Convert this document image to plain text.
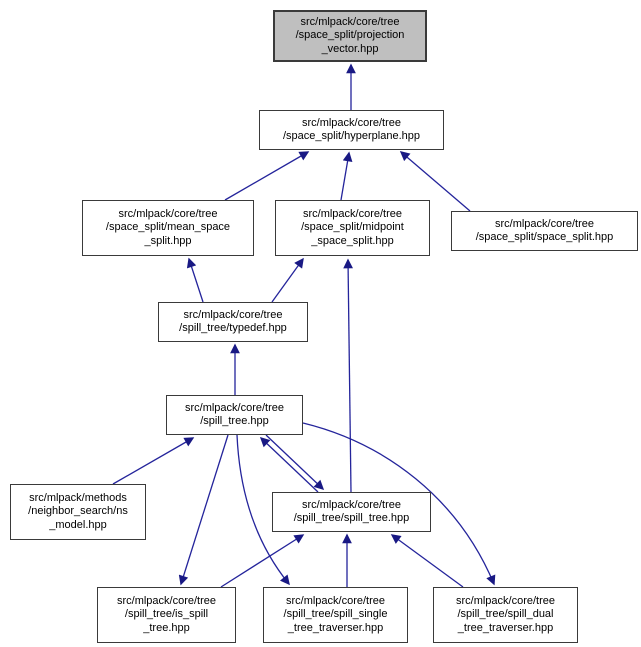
src/mlpack/core/tree
/space_split/projection
_vector.hpp
src/mlpack/core/tree
/space_split/hyperplane.hpp
src/mlpack/core/tree
/space_split/mean_space
_split.hpp
src/mlpack/core/tree
/space_split/midpoint
_space_split.hpp
src/mlpack/core/tree
/space_split/space_split.hpp
src/mlpack/core/tree
/spill_tree/typedef.hpp
src/mlpack/core/tree
/spill_tree.hpp
src/mlpack/methods
/neighbor_search/ns
_model.hpp
src/mlpack/core/tree
/spill_tree/spill_tree.hpp
src/mlpack/core/tree
/spill_tree/is_spill
_tree.hpp
src/mlpack/core/tree
/spill_tree/spill_single
_tree_traverser.hpp
src/mlpack/core/tree
/spill_tree/spill_dual
_tree_traverser.hpp
